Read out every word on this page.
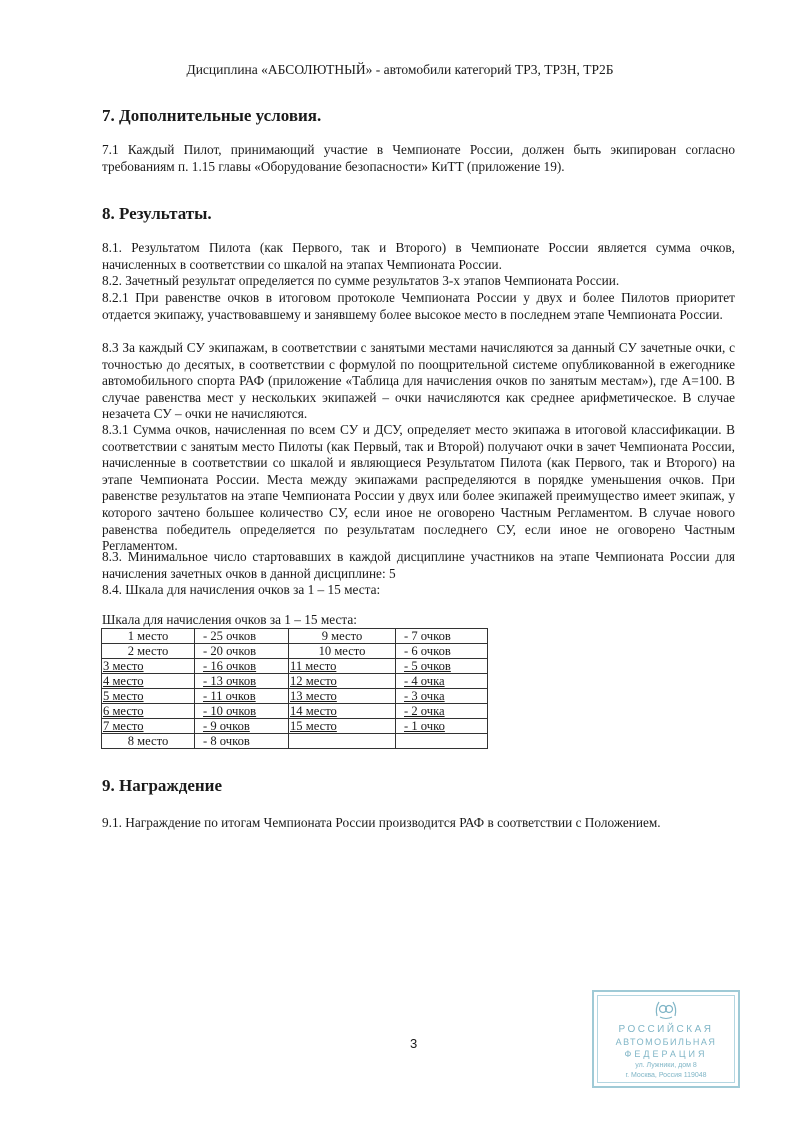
Дисциплина «АБСОЛЮТНЫЙ» - автомобили категорий ТР3, ТР3Н, ТР2Б
7. Дополнительные условия.

7.1 Каждый Пилот, принимающий участие в Чемпионате России, должен быть экипирован согласно требованиям п. 1.15 главы «Оборудование безопасности» КиТТ (приложение 19).

8. Результаты.

8.1. Результатом Пилота (как Первого, так и Второго) в Чемпионате России является сумма очков, начисленных в соответствии со шкалой на этапах Чемпионата России.

8.2. Зачетный результат определяется по сумме результатов 3-х этапов Чемпионата России.

8.2.1 При равенстве очков в итоговом протоколе Чемпионата России у двух и более Пилотов приоритет отдается экипажу, участвовавшему и занявшему более высокое место в последнем этапе Чемпионата России.

8.3 За каждый СУ экипажам, в соответствии с занятыми местами начисляются за данный СУ зачетные очки, с точностью до десятых, в соответствии с формулой по поощрительной системе опубликованной в ежегоднике автомобильного спорта РАФ (приложение «Таблица для начисления очков по занятым местам»), где А=100. В случае равенства мест у нескольких экипажей – очки начисляются как среднее арифметическое. В случае незачета СУ – очки не начисляются.

8.3.1 Сумма очков, начисленная по всем СУ и ДСУ, определяет место экипажа в итоговой классификации. В соответствии с занятым место Пилоты (как Первый, так и Второй) получают очки в зачет Чемпионата России, начисленные в соответствии со шкалой и являющиеся Результатом Пилота (как Первого, так и Второго) на этапе Чемпионата России. Места между экипажами распределяются в порядке уменьшения очков. При равенстве результатов на этапе Чемпионата России у двух или более экипажей преимущество имеет экипаж, у которого зачтено большее количество СУ, если иное не оговорено Частным Регламентом. В случае нового равенства победитель определяется по результатам последнего СУ, если иное не оговорено Частным Регламентом.

8.3. Минимальное число стартовавших в каждой дисциплине участников на этапе Чемпионата России для начисления зачетных очков в данной дисциплине: 5

8.4. Шкала для начисления очков за 1 – 15 места:

Шкала для начисления очков за 1 – 15 места:
1 место	- 25 очков	9 место	- 7 очков
2 место	- 20 очков	10 место	- 6 очков
3 место	- 16 очков	11 место	- 5 очков
4 место	- 13 очков	12 место	- 4 очка
5 место	- 11 очков	13 место	- 3 очка
6 место	- 10 очков	14 место	- 2 очка
7 место	- 9 очков	15 место	- 1 очко
8 место	- 8 очков		
9. Награждение

9.1. Награждение по итогам Чемпионата России производится РАФ в соответствии с Положением.

3
РОССИЙСКАЯ
АВТОМОБИЛЬНАЯ
ФЕДЕРАЦИЯ
ул. Лужники, дом 8
г. Москва, Россия 119048
